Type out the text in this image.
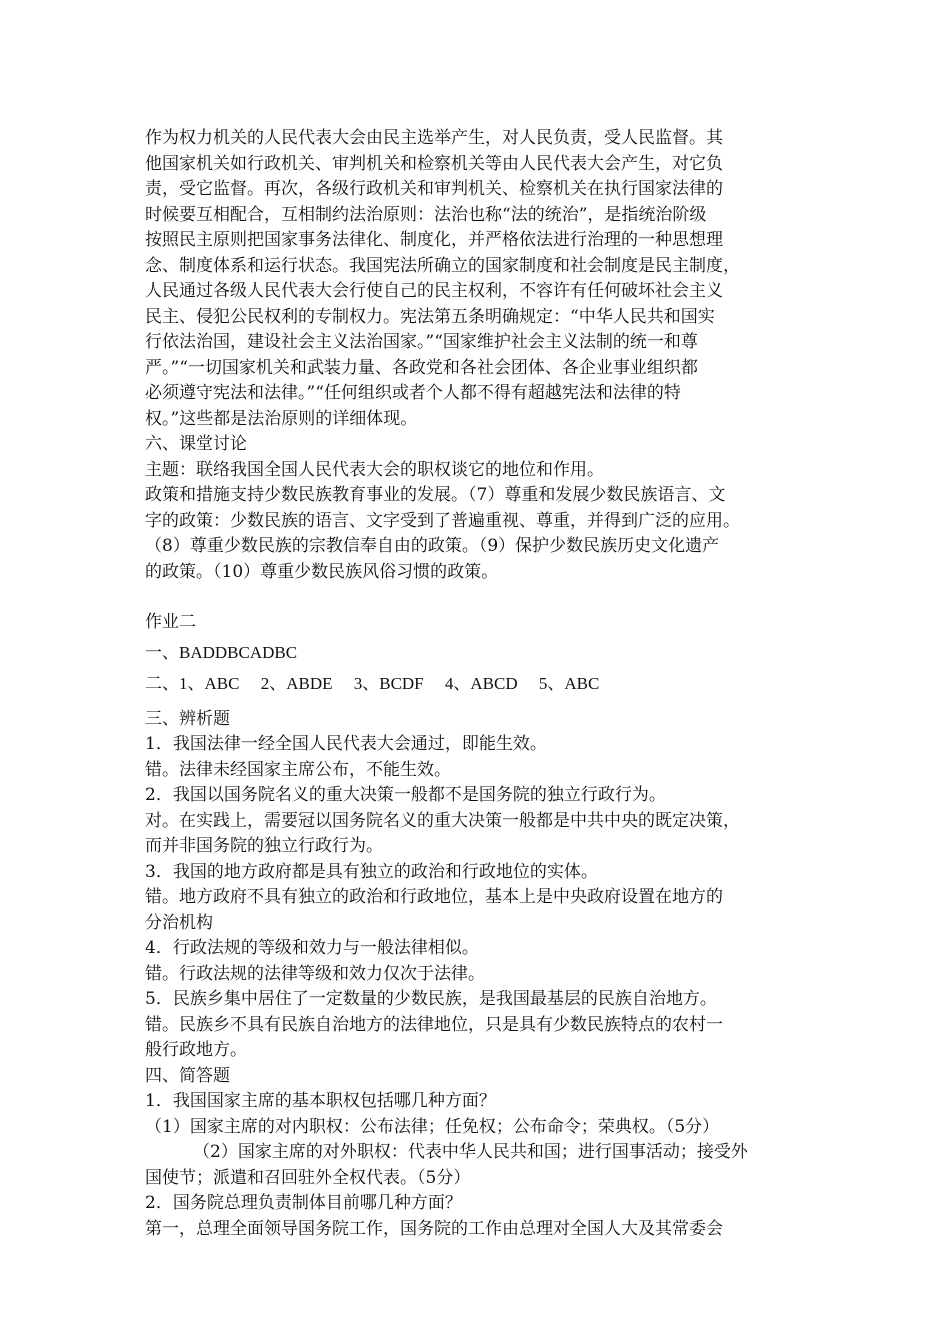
作为权力机关的人民代表大会由民主选举产生，对人民负责，受人民监督。其
他国家机关如行政机关、审判机关和检察机关等由人民代表大会产生，对它负
责，受它监督。再次，各级行政机关和审判机关、检察机关在执行国家法律的
时候要互相配合，互相制约法治原则：法治也称“法的统治”，是指统治阶级
按照民主原则把国家事务法律化、制度化，并严格依法进行治理的一种思想理
念、制度体系和运行状态。我国宪法所确立的国家制度和社会制度是民主制度，
人民通过各级人民代表大会行使自己的民主权利，不容许有任何破坏社会主义
民主、侵犯公民权利的专制权力。宪法第五条明确规定：“中华人民共和国实
行依法治国，建设社会主义法治国家。”“国家维护社会主义法制的统一和尊
严。”“一切国家机关和武装力量、各政党和各社会团体、各企业事业组织都
必须遵守宪法和法律。”“任何组织或者个人都不得有超越宪法和法律的特
权。”这些都是法治原则的详细体现。
六、课堂讨论
主题：联络我国全国人民代表大会的职权谈它的地位和作用。
政策和措施支持少数民族教育事业的发展。（7）尊重和发展少数民族语言、文
字的政策：少数民族的语言、文字受到了普遍重视、尊重，并得到广泛的应用。
（8）尊重少数民族的宗教信奉自由的政策。（9）保护少数民族历史文化遗产
的政策。（10）尊重少数民族风俗习惯的政策。
作业二
一、BADDBCADBC
二、1、ABC　 2、ABDE　 3、BCDF　 4、ABCD　 5、ABC
三、辨析题
1．我国法律一经全国人民代表大会通过，即能生效。
错。法律未经国家主席公布，不能生效。
2．我国以国务院名义的重大决策一般都不是国务院的独立行政行为。
对。在实践上，需要冠以国务院名义的重大决策一般都是中共中央的既定决策，
而并非国务院的独立行政行为。
3．我国的地方政府都是具有独立的政治和行政地位的实体。
错。地方政府不具有独立的政治和行政地位，基本上是中央政府设置在地方的
分治机构
4．行政法规的等级和效力与一般法律相似。
错。行政法规的法律等级和效力仅次于法律。
5．民族乡集中居住了一定数量的少数民族，是我国最基层的民族自治地方。
错。民族乡不具有民族自治地方的法律地位，只是具有少数民族特点的农村一
般行政地方。
四、简答题
1．我国国家主席的基本职权包括哪几种方面？
（1）国家主席的对内职权：公布法律；任免权；公布命令；荣典权。（5分）
（2）国家主席的对外职权：代表中华人民共和国；进行国事活动；接受外
国使节；派遣和召回驻外全权代表。（5分）
2．国务院总理负责制体目前哪几种方面？
第一，总理全面领导国务院工作，国务院的工作由总理对全国人大及其常委会
